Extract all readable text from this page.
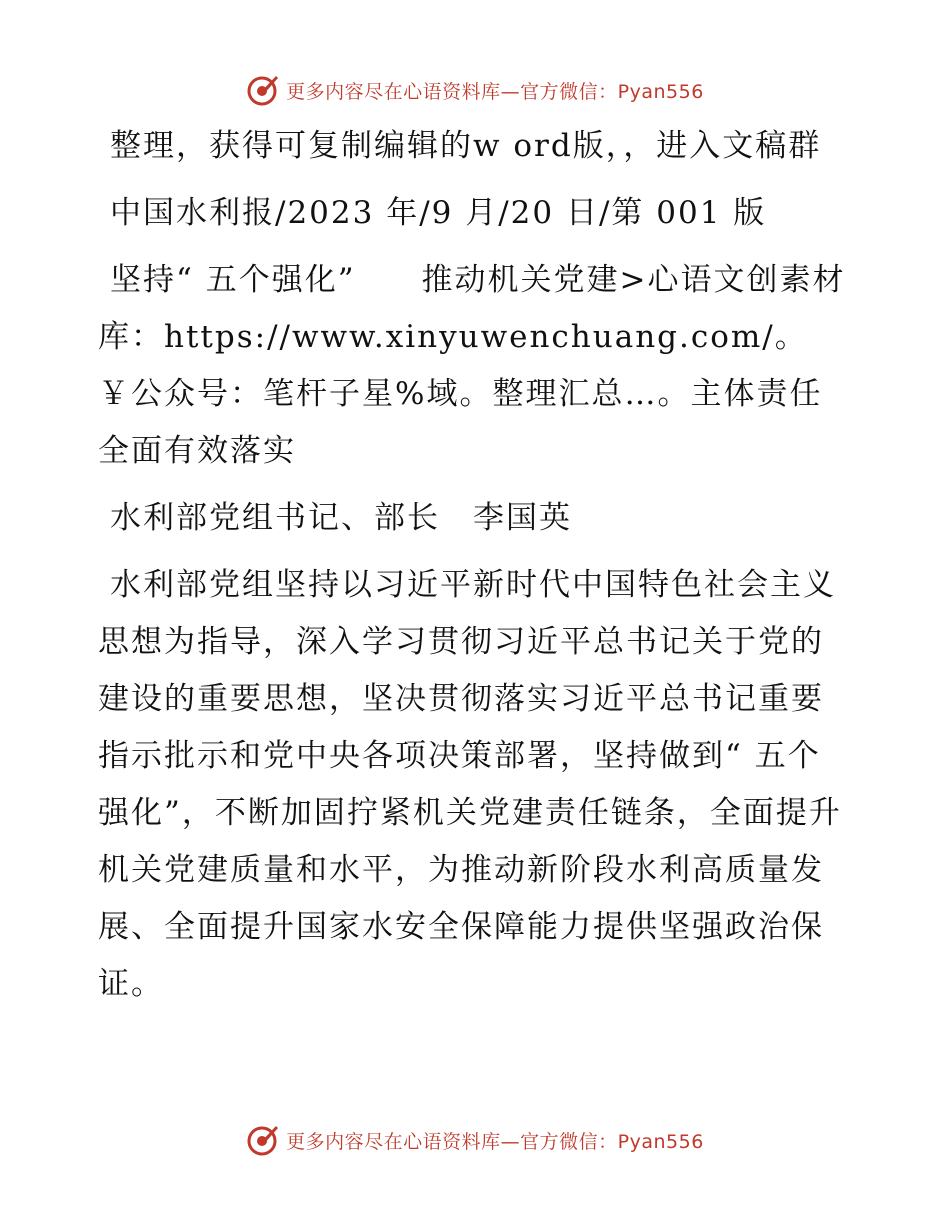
更多内容尽在心语资料库—官方微信：Pyan556

整理，获得可复制编辑的w ord版，，进入文稿群

中国水利报/2023 年/9 月/20 日/第 001 版

坚持“ 五个强化”　　推动机关党建>心语文创素材库：https://www.xinyuwenchuang.com/。￥公众号：笔杆子星%域。整理汇总…。主体责任全面有效落实

水利部党组书记、部长　李国英

水利部党组坚持以习近平新时代中国特色社会主义思想为指导，深入学习贯彻习近平总书记关于党的建设的重要思想，坚决贯彻落实习近平总书记重要指示批示和党中央各项决策部署，坚持做到“ 五个强化”，不断加固拧紧机关党建责任链条，全面提升机关党建质量和水平，为推动新阶段水利高质量发展、全面提升国家水安全保障能力提供坚强政治保证。

更多内容尽在心语资料库—官方微信：Pyan556
